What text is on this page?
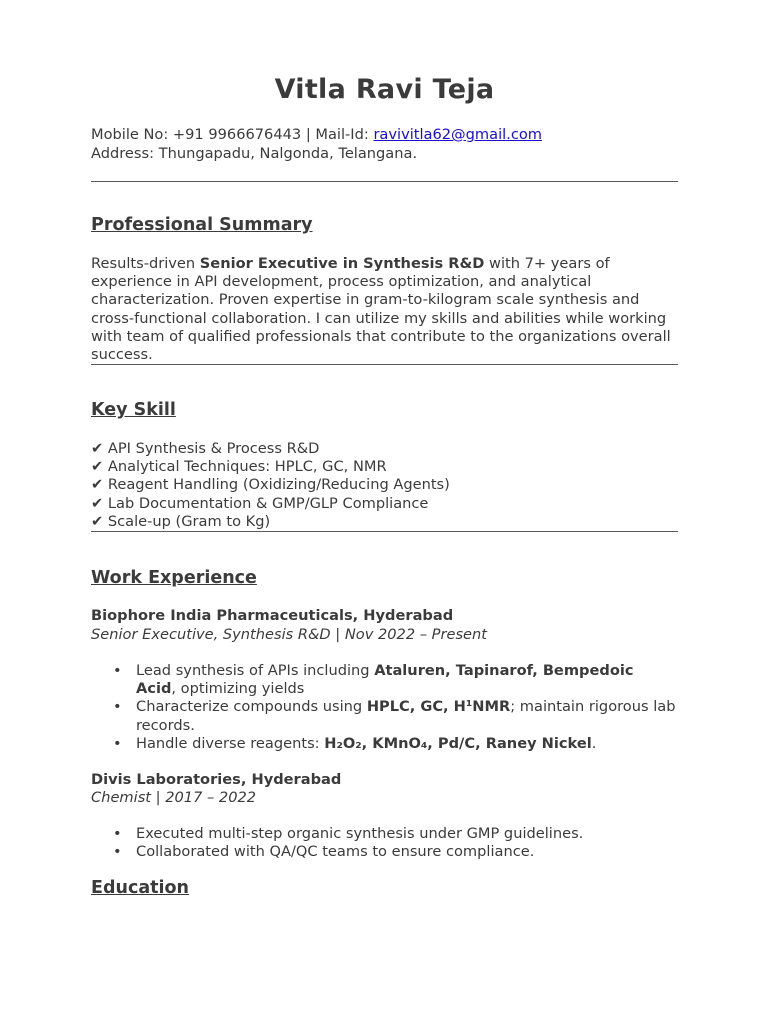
Vitla Ravi Teja
Mobile No: +91 9966676443 | Mail-Id: ravivitla62@gmail.com
Address: Thungapadu, Nalgonda, Telangana.
Professional Summary
Results-driven Senior Executive in Synthesis R&D with 7+ years of experience in API development, process optimization, and analytical characterization. Proven expertise in gram-to-kilogram scale synthesis and cross-functional collaboration. I can utilize my skills and abilities while working with team of qualified professionals that contribute to the organizations overall success.
Key Skill
✔ API Synthesis & Process R&D
✔ Analytical Techniques: HPLC, GC, NMR
✔ Reagent Handling (Oxidizing/Reducing Agents)
✔ Lab Documentation & GMP/GLP Compliance
✔ Scale-up (Gram to Kg)
Work Experience
Biophore India Pharmaceuticals, Hyderabad
Senior Executive, Synthesis R&D | Nov 2022 – Present
• Lead synthesis of APIs including Ataluren, Tapinarof, Bempedoic Acid, optimizing yields
• Characterize compounds using HPLC, GC, H¹NMR; maintain rigorous lab records.
• Handle diverse reagents: H₂O₂, KMnO₄, Pd/C, Raney Nickel.
Divis Laboratories, Hyderabad
Chemist | 2017 – 2022
• Executed multi-step organic synthesis under GMP guidelines.
• Collaborated with QA/QC teams to ensure compliance.
Education
